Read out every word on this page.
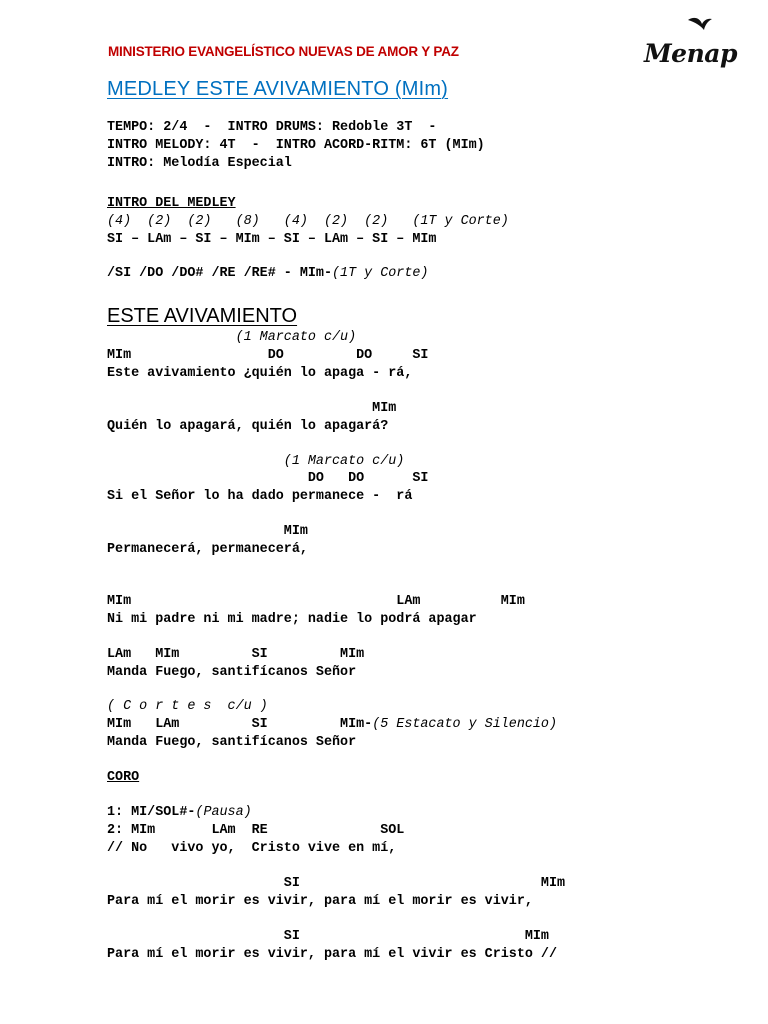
MINISTERIO EVANGELÍSTICO NUEVAS DE AMOR Y PAZ	Menap
MEDLEY ESTE AVIVAMIENTO (MIm)
TEMPO: 2/4  -  INTRO DRUMS: Redoble 3T  -
INTRO MELODY: 4T  -  INTRO ACORD-RITM: 6T (MIm)
INTRO: Melodía Especial
INTRO DEL MEDLEY
(4)  (2)  (2)   (8)   (4)  (2)  (2)   (1T y Corte)
SI – LAm – SI – MIm – SI – LAm – SI – MIm
/SI /DO /DO# /RE /RE# - MIm-(1T y Corte)
ESTE AVIVAMIENTO
(1 Marcato c/u)
MIm                 DO         DO     SI
Este avivamiento ¿quién lo apaga - rá,
MIm
Quién lo apagará, quién lo apagará?
(1 Marcato c/u)
DO   DO      SI
Si el Señor lo ha dado permanece -  rá
MIm
Permanecerá, permanecerá,
MIm                                 LAm          MIm
Ni mi padre ni mi madre; nadie lo podrá apagar
LAm   MIm         SI         MIm
Manda Fuego, santifícanos Señor
( C o r t e s  c/u )
MIm   LAm         SI         MIm-(5 Estacato y Silencio)
Manda Fuego, santifícanos Señor
CORO
1: MI/SOL#-(Pausa)
2: MIm       LAm  RE              SOL
// No   vivo yo,  Cristo vive en mí,
SI                              MIm
Para mí el morir es vivir, para mí el morir es vivir,
SI                            MIm
Para mí el morir es vivir, para mí el vivir es Cristo //
